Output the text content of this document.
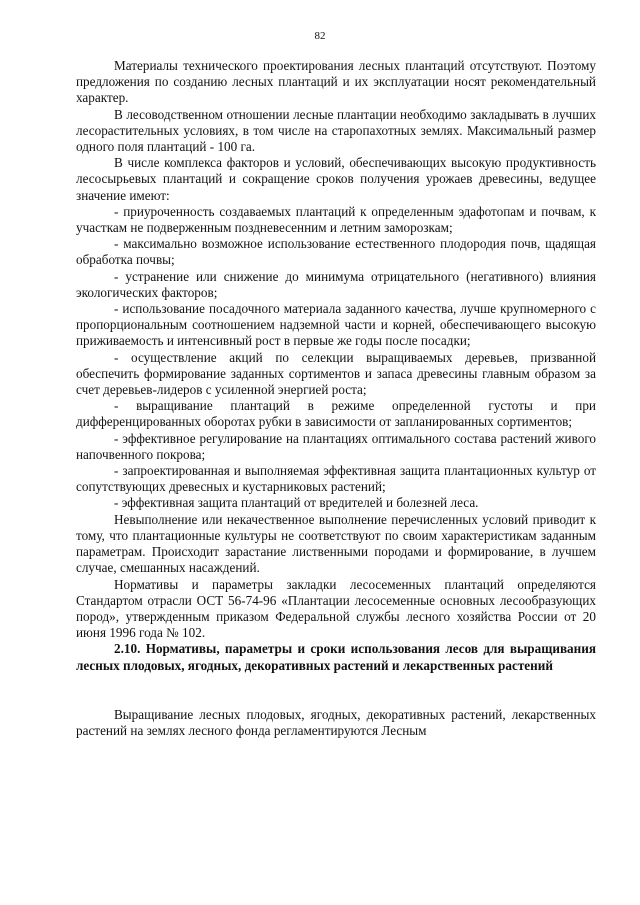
82

Материалы технического проектирования лесных плантаций отсутствуют. Поэтому предложения по созданию лесных плантаций и их эксплуатации носят рекомендательный характер.

В лесоводственном отношении лесные плантации необходимо закладывать в лучших лесорастительных условиях, в том числе на старопахотных землях. Максимальный размер одного поля плантаций - 100 га.

В числе комплекса факторов и условий, обеспечивающих высокую продуктивность лесосырьевых плантаций и сокращение сроков получения урожаев древесины, ведущее значение имеют:

- приуроченность создаваемых плантаций к определенным эдафотопам и почвам, к участкам не подверженным поздневесенним и летним заморозкам;

- максимально возможное использование естественного плодородия почв, щадящая обработка почвы;

- устранение или снижение до минимума отрицательного (негативного) влияния экологических факторов;

- использование посадочного материала заданного качества, лучше крупномерного с пропорциональным соотношением надземной части и корней, обеспечивающего высокую приживаемость и интенсивный рост в первые же годы после посадки;

- осуществление акций по селекции выращиваемых деревьев, призванной обеспечить формирование заданных сортиментов и запаса древесины главным образом за счет деревьев-лидеров с усиленной энергией роста;

- выращивание плантаций в режиме определенной густоты и при дифференцированных оборотах рубки в зависимости от запланированных сортиментов;

- эффективное регулирование на плантациях оптимального состава растений живого напочвенного покрова;

- запроектированная и выполняемая эффективная защита плантационных культур от сопутствующих древесных и кустарниковых растений;

- эффективная защита плантаций от вредителей и болезней леса.

Невыполнение или некачественное выполнение перечисленных условий приводит к тому, что плантационные культуры не соответствуют по своим характеристикам заданным параметрам. Происходит зарастание лиственными породами и формирование, в лучшем случае, смешанных насаждений.

Нормативы и параметры закладки лесосеменных плантаций определяются Стандартом отрасли ОСТ 56-74-96 «Плантации лесосеменные основных лесообразующих пород», утвержденным приказом Федеральной службы лесного хозяйства России от 20 июня 1996 года № 102.

2.10. Нормативы, параметры и сроки использования лесов для выращивания лесных плодовых, ягодных, декоративных растений и лекарственных растений

Выращивание лесных плодовых, ягодных, декоративных растений, лекарственных растений на землях лесного фонда регламентируются Лесным
